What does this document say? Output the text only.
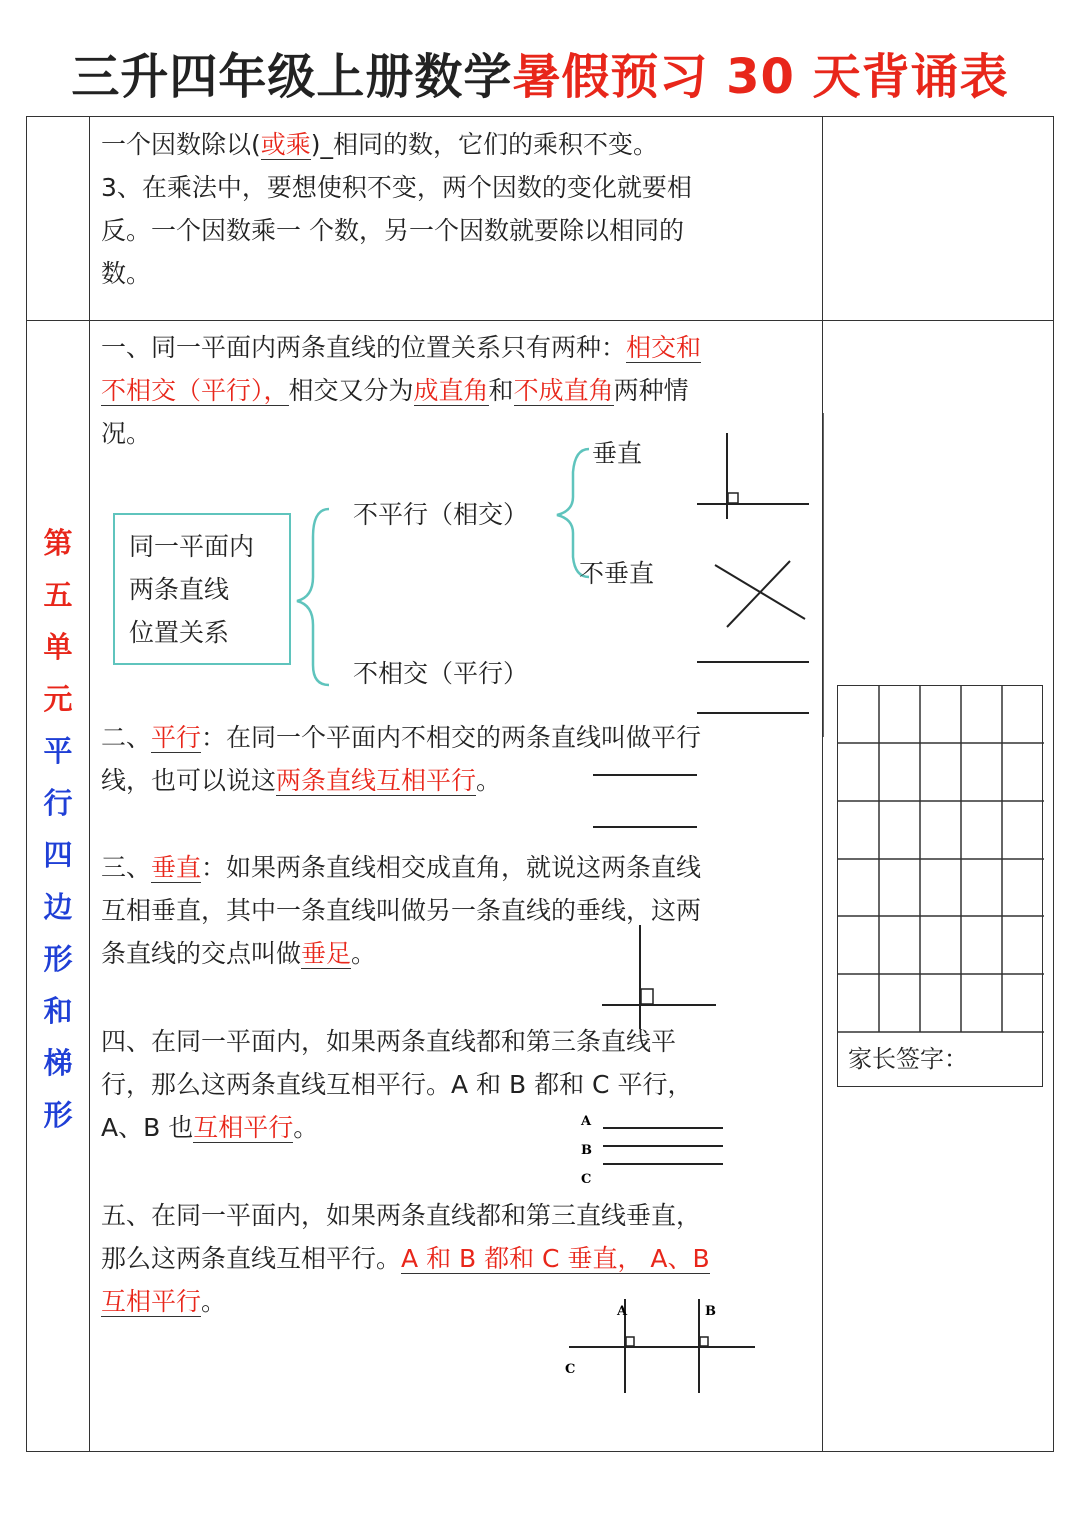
三升四年级上册数学暑假预习 30 天背诵表
一个因数除以(或乘)_相同的数，它们的乘积不变。
3、在乘法中，要想使积不变，两个因数的变化就要相
反。一个因数乘一 个数，另一个因数就要除以相同的
数。
第
五
单
元
平
行
四
边
形
和
梯
形
一、同一平面内两条直线的位置关系只有两种：相交和
不相交（平行），相交又分为成直角和不成直角两种情
况。
同一平面内
两条直线
位置关系
垂直
不平行（相交）
不垂直
不相交（平行）
二、平行：在同一个平面内不相交的两条直线叫做平行
线，也可以说这两条直线互相平行。
三、垂直：如果两条直线相交成直角，就说这两条直线
互相垂直，其中一条直线叫做另一条直线的垂线，这两
条直线的交点叫做垂足。
四、在同一平面内，如果两条直线都和第三条直线平
行，那么这两条直线互相平行。A 和 B 都和 C 平行，
A、B 也互相平行。	A
B
C
五、在同一平面内，如果两条直线都和第三直线垂直，
那么这两条直线互相平行。A 和 B 都和 C 垂直， A、B
互相平行。	A	B
C
家长签字：
